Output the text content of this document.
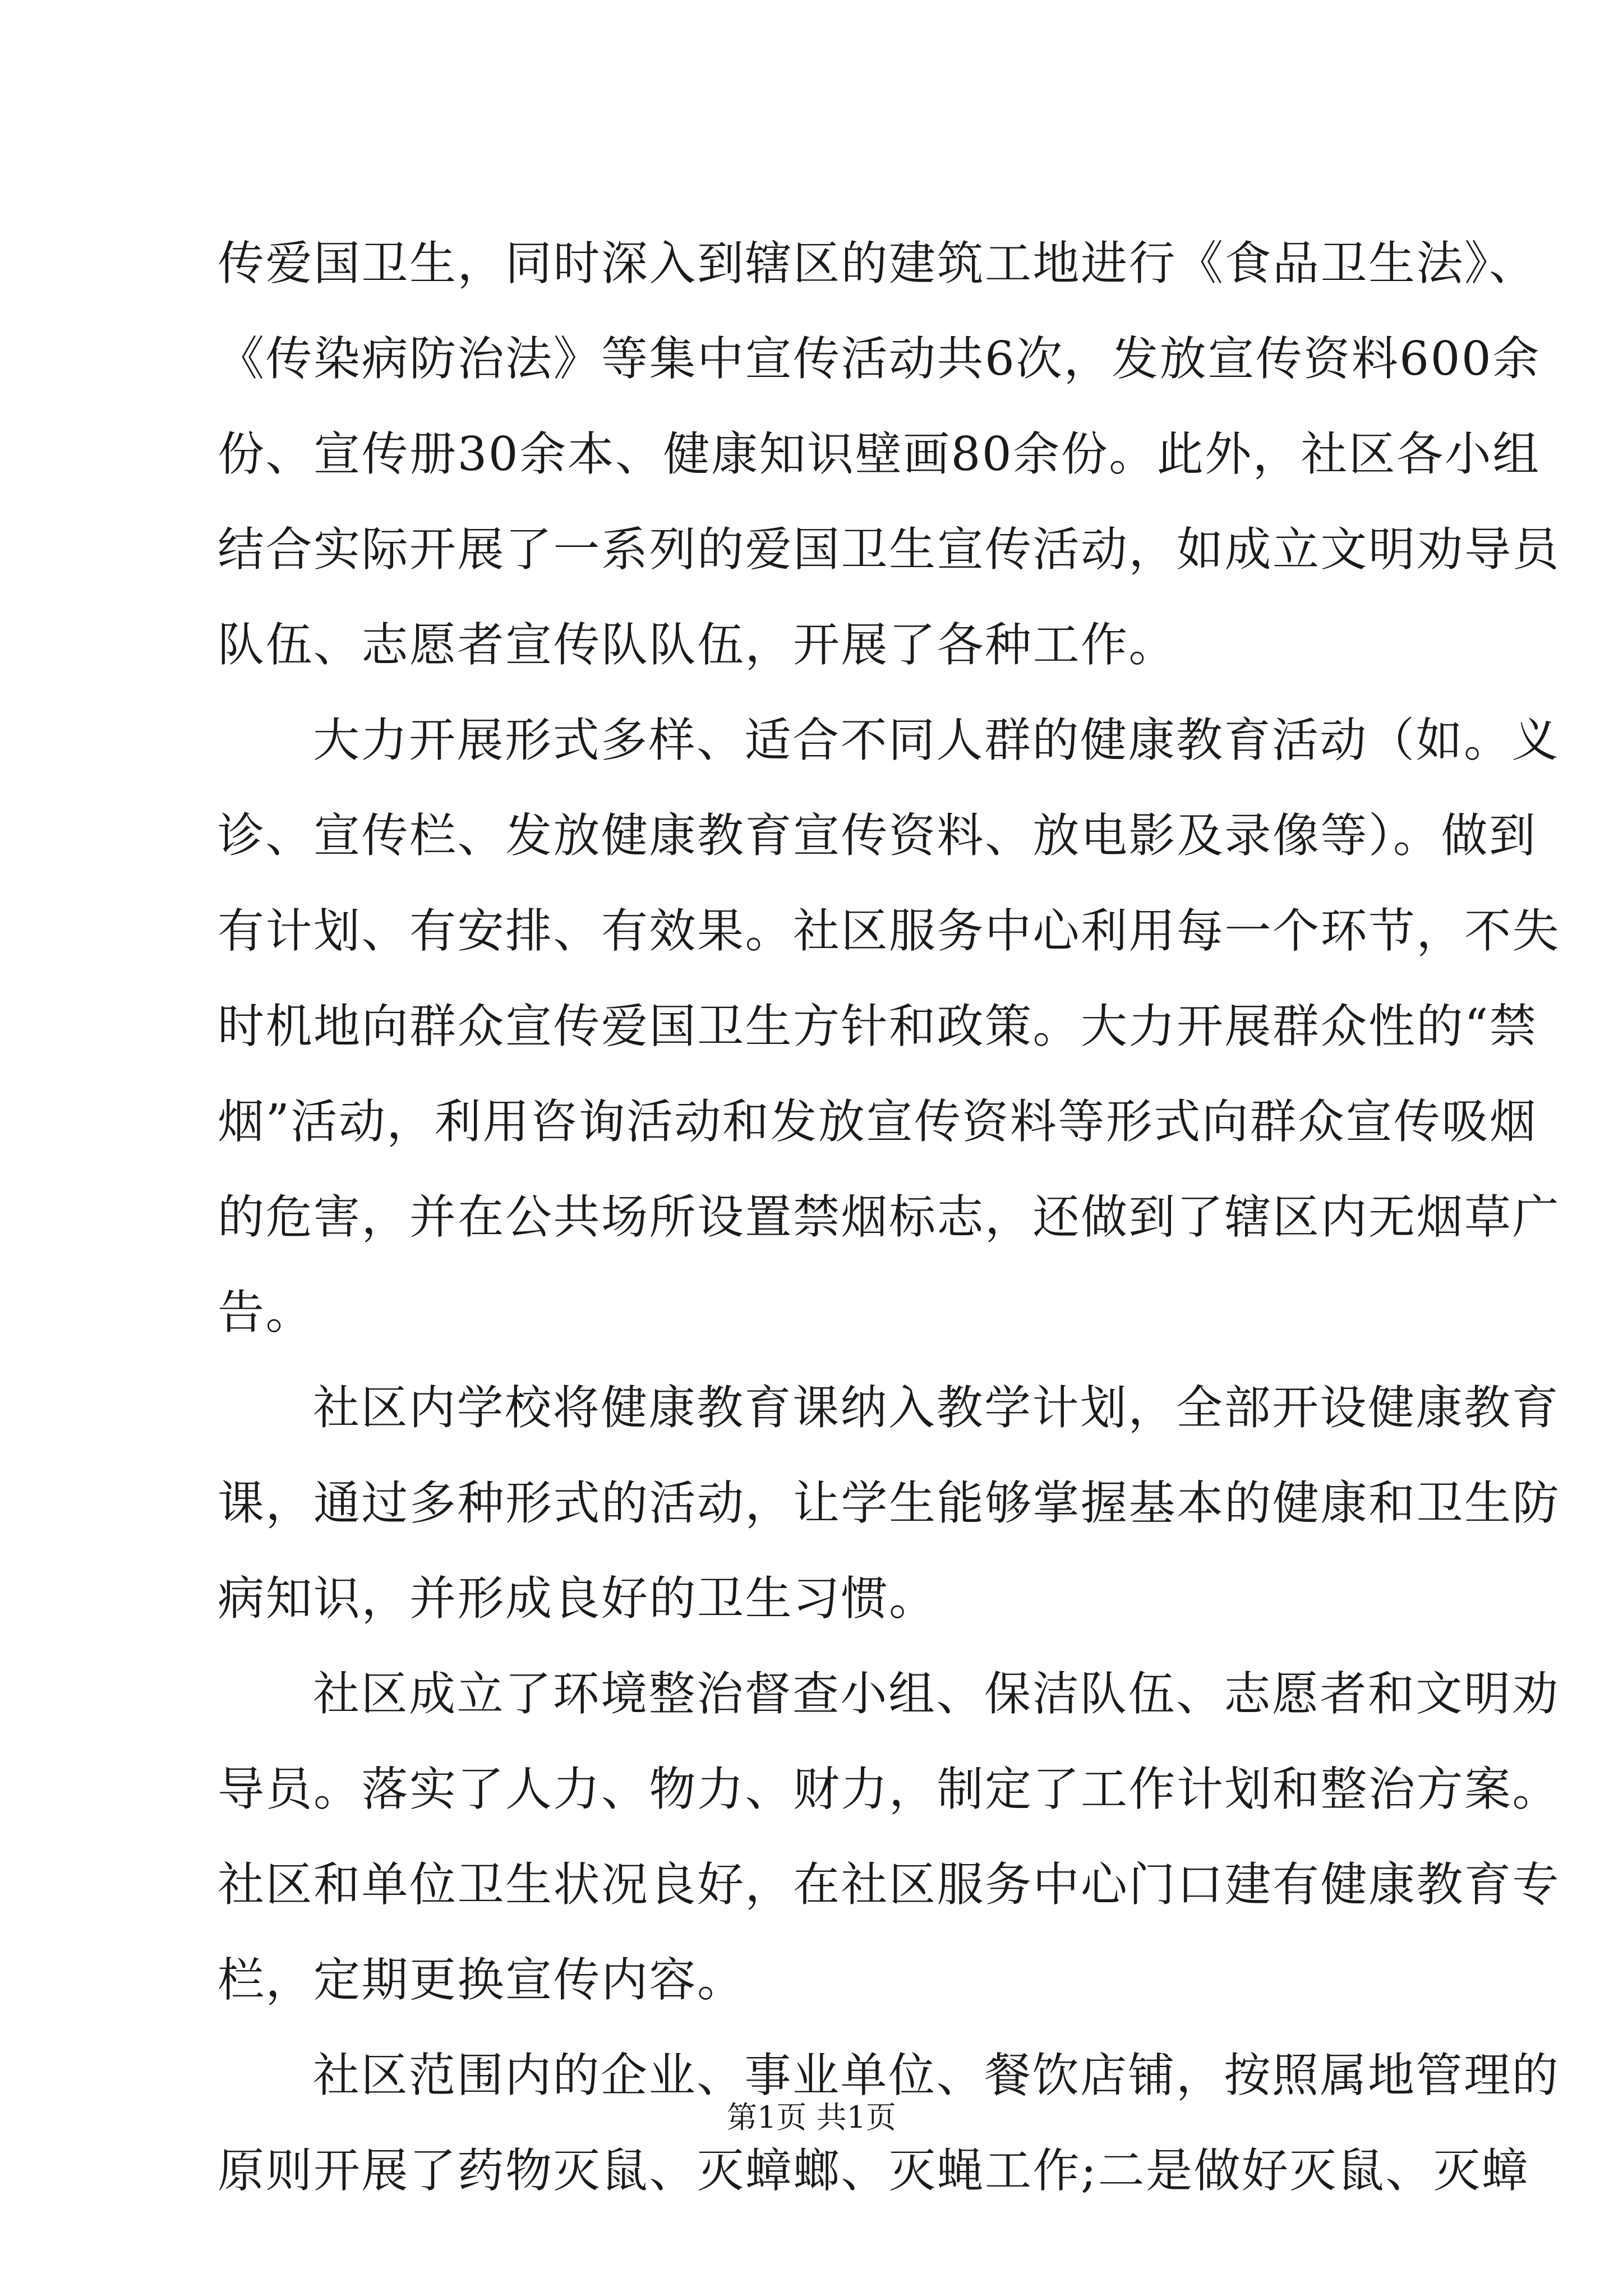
传爱国卫生，同时深入到辖区的建筑工地进行《食品卫生法》、
《传染病防治法》等集中宣传活动共6次，发放宣传资料600余
份、宣传册30余本、健康知识壁画80余份。此外，社区各小组
结合实际开展了一系列的爱国卫生宣传活动，如成立文明劝导员
队伍、志愿者宣传队队伍，开展了各种工作。
大力开展形式多样、适合不同人群的健康教育活动（如。义
诊、宣传栏、发放健康教育宣传资料、放电影及录像等）。做到
有计划、有安排、有效果。社区服务中心利用每一个环节，不失
时机地向群众宣传爱国卫生方针和政策。大力开展群众性的“禁
烟”活动，利用咨询活动和发放宣传资料等形式向群众宣传吸烟
的危害，并在公共场所设置禁烟标志，还做到了辖区内无烟草广
告。
社区内学校将健康教育课纳入教学计划，全部开设健康教育
课，通过多种形式的活动，让学生能够掌握基本的健康和卫生防
病知识，并形成良好的卫生习惯。
社区成立了环境整治督查小组、保洁队伍、志愿者和文明劝
导员。落实了人力、物力、财力，制定了工作计划和整治方案。
社区和单位卫生状况良好，在社区服务中心门口建有健康教育专
栏，定期更换宣传内容。
社区范围内的企业、事业单位、餐饮店铺，按照属地管理的
原则开展了药物灭鼠、灭蟑螂、灭蝇工作;二是做好灭鼠、灭蟑
第1页 共1页
